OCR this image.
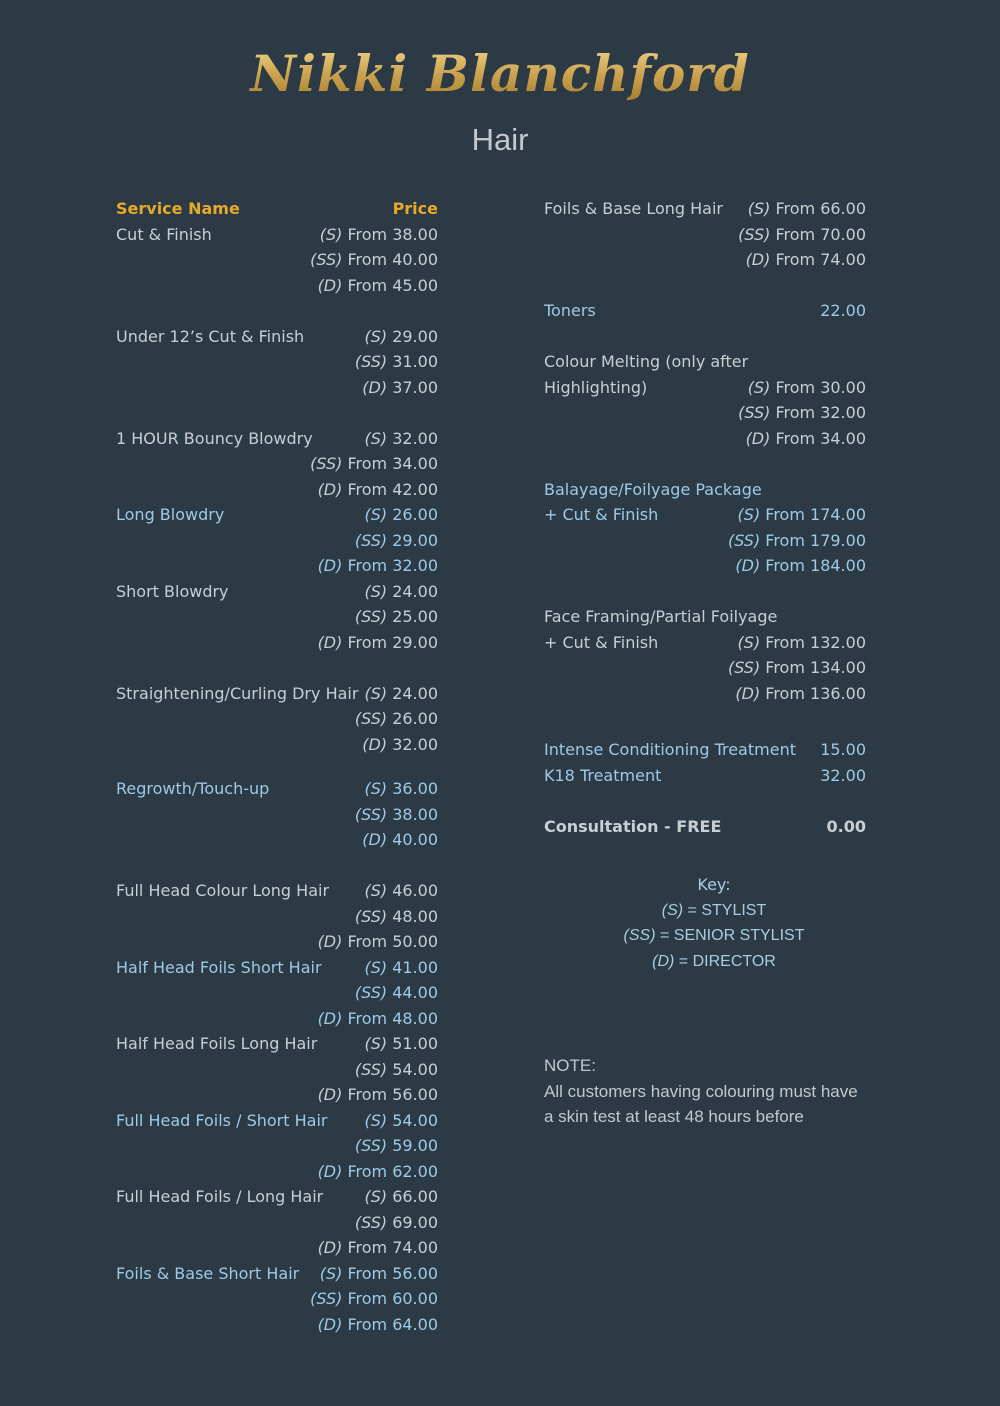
Nikki Blanchford
Hair
Service Name	Price
Cut & Finish	(S) From 38.00
(SS) From 40.00
(D) From 45.00
Under 12’s Cut & Finish	(S) 29.00
(SS) 31.00
(D) 37.00
1 HOUR Bouncy Blowdry	(S) 32.00
(SS) From 34.00
(D) From 42.00
Long Blowdry	(S) 26.00
(SS) 29.00
(D) From 32.00
Short Blowdry	(S) 24.00
(SS) 25.00
(D) From 29.00
Straightening/Curling Dry Hair (S) 24.00
(SS) 26.00
(D) 32.00
Regrowth/Touch-up	(S) 36.00
(SS) 38.00
(D) 40.00
Full Head Colour Long Hair (S) 46.00
(SS) 48.00
(D) From 50.00
Half Head Foils Short Hair	(S) 41.00
(SS) 44.00
(D) From 48.00
Half Head Foils Long Hair	(S) 51.00
(SS) 54.00
(D) From 56.00
Full Head Foils / Short Hair (S) 54.00
(SS) 59.00
(D) From 62.00
Full Head Foils / Long Hair	(S) 66.00
(SS) 69.00
(D) From 74.00
Foils & Base Short Hair (S) From 56.00
(SS) From 60.00
(D) From 64.00
Foils & Base Long Hair (S) From 66.00
(SS) From 70.00
(D) From 74.00
Toners	22.00
Colour Melting (only after
Highlighting)	(S) From 30.00
(SS) From 32.00
(D) From 34.00
Balayage/Foilyage Package
+ Cut & Finish	(S) From 174.00
(SS) From 179.00
(D) From 184.00
Face Framing/Partial Foilyage
+ Cut & Finish	(S) From 132.00
(SS) From 134.00
(D) From 136.00
Intense Conditioning Treatment 15.00
K18 Treatment	32.00
Consultation - FREE	0.00
Key:
(S) = STYLIST
(SS) = SENIOR STYLIST
(D) = DIRECTOR
NOTE:
All customers having colouring must have
a skin test at least 48 hours before
